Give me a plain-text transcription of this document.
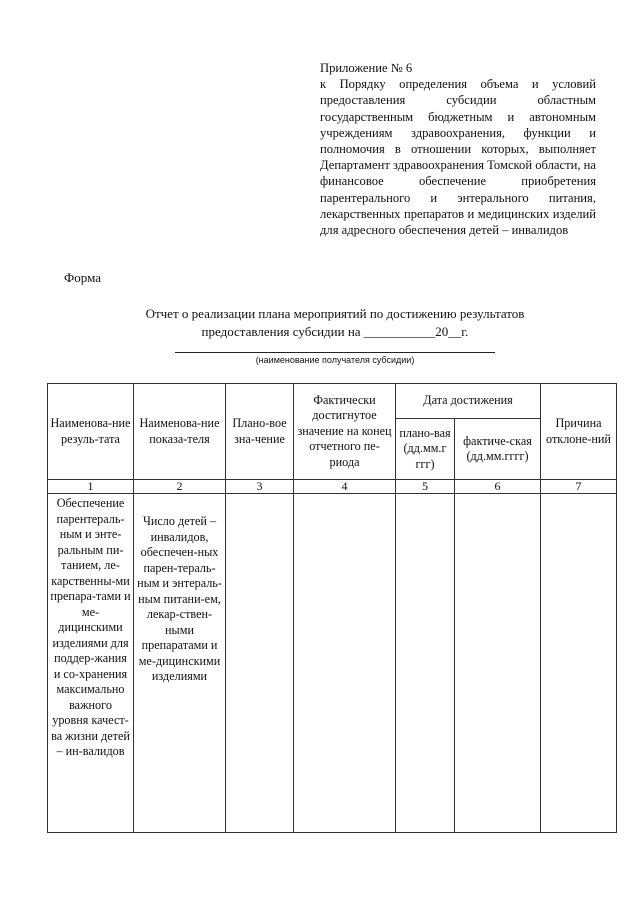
Приложение № 6
к Порядку определения объема и условий предоставления субсидии областным государственным бюджетным и автономным учреждениям здравоохранения, функции и полномочия в отношении которых, выполняет Департамент здравоохранения Томской области, на финансовое обеспечение приобретения парентерального и энтерального питания, лекарственных препаратов и медицинских изделий для адресного обеспечения детей – инвалидов
Форма
Отчет о реализации плана мероприятий по достижению результатов
предоставления субсидии на ___________20__г.
(наименование получателя субсидии)
Наименова-ние резуль-тата	Наименова-ние показа-теля	Плано-вое зна-чение	Фактически достигнутое значение на конец отчетного пе-риода	Дата достижения		Причина отклоне-ний
				плано-вая (дд.мм.г ггг)	фактиче-ская (дд.мм.гггг)	
1	2	3	4	5	6	7
Обеспечение парентераль-ным и энте-ральным пи-танием, ле-карственны-ми препара-тами и ме-дицинскими изделиями для поддер-жания и со-хранения максимально важного уровня качест-ва жизни детей – ин-валидов	Число детей – инвалидов, обеспечен-ных парен-тераль-ным и энтераль-ным питани-ем, лекар-ствен-ными препаратами и ме-дицинскими изделиями					
